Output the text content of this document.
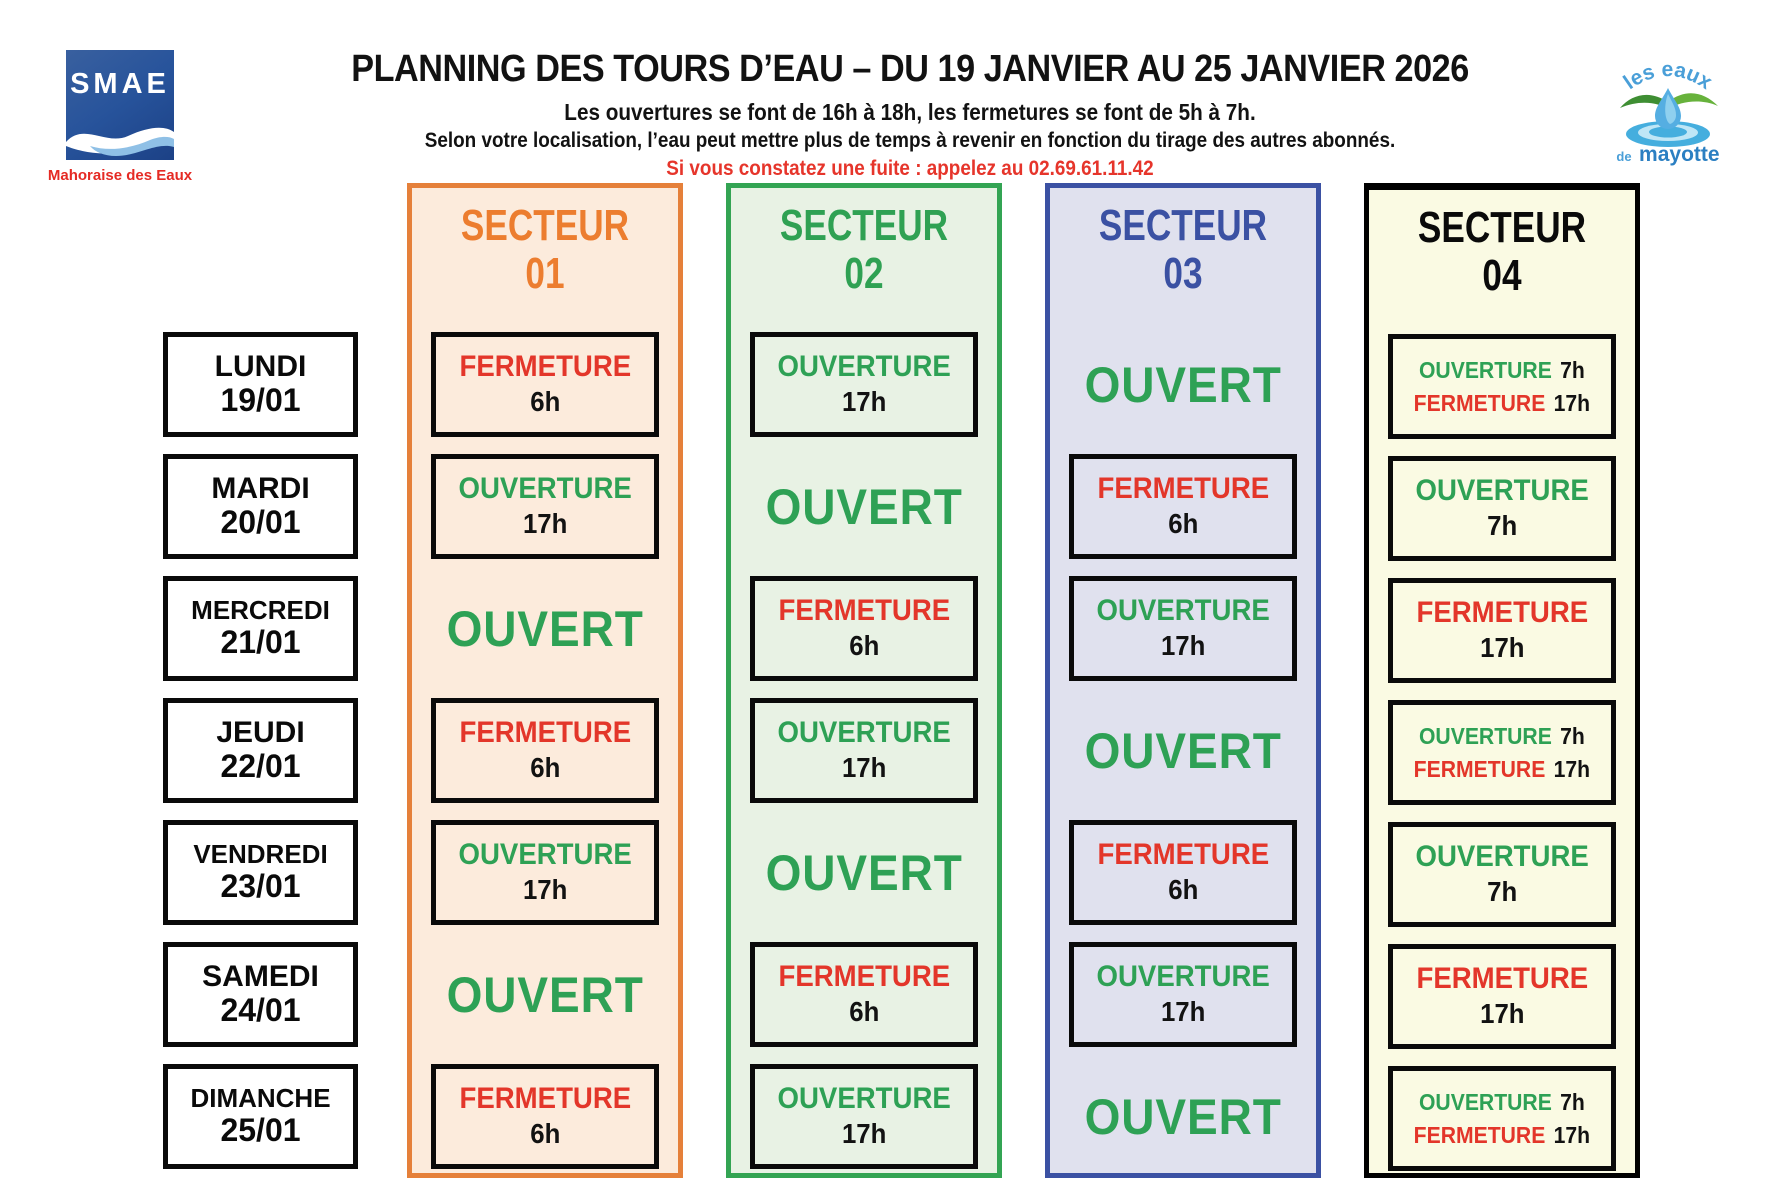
SMAE
Mahoraise des Eaux
PLANNING DES TOURS D’EAU – DU 19 JANVIER AU 25 JANVIER 2026
Les ouvertures se font de 16h à 18h, les fermetures se font de 5h à 7h.
Selon votre localisation, l’eau peut mettre plus de temps à revenir en fonction du tirage des autres abonnés.
Si vous constatez une fuite : appelez au 02.69.61.11.42
les eaux
de mayotte
LUNDI
19/01
MARDI
20/01
MERCREDI
21/01
JEUDI
22/01
VENDREDI
23/01
SAMEDI
24/01
DIMANCHE
25/01
SECTEUR
01
FERMETURE
6h
OUVERTURE
17h
OUVERT
FERMETURE
6h
OUVERTURE
17h
OUVERT
FERMETURE
6h
SECTEUR
02
OUVERTURE
17h
OUVERT
FERMETURE
6h
OUVERTURE
17h
OUVERT
FERMETURE
6h
OUVERTURE
17h
SECTEUR
03
OUVERT
FERMETURE
6h
OUVERTURE
17h
OUVERT
FERMETURE
6h
OUVERTURE
17h
OUVERT
SECTEUR
04
OUVERTURE 7h
FERMETURE 17h
OUVERTURE
7h
FERMETURE
17h
OUVERTURE 7h
FERMETURE 17h
OUVERTURE
7h
FERMETURE
17h
OUVERTURE 7h
FERMETURE 17h
